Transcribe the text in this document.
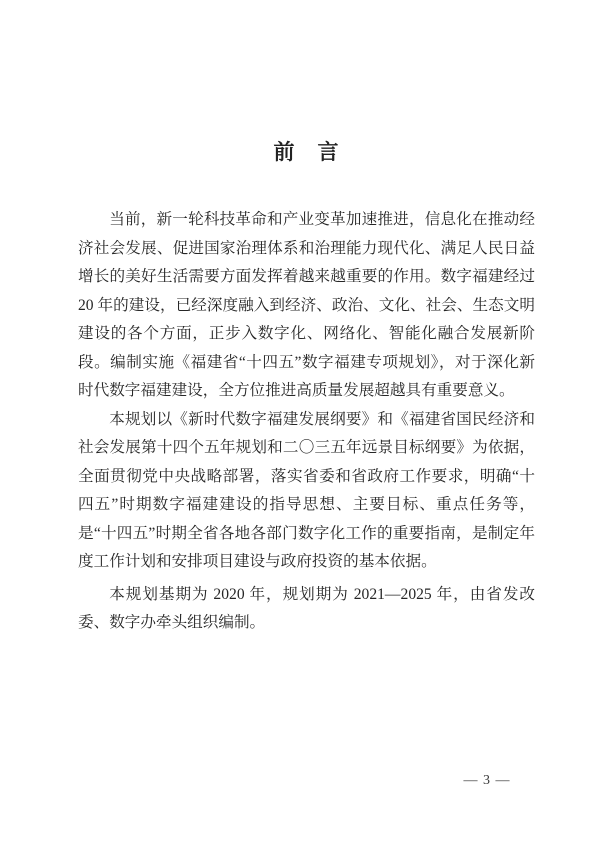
前　言

当前，新一轮科技革命和产业变革加速推进，信息化在推动经济社会发展、促进国家治理体系和治理能力现代化、满足人民日益增长的美好生活需要方面发挥着越来越重要的作用。数字福建经过 20 年的建设，已经深度融入到经济、政治、文化、社会、生态文明建设的各个方面，正步入数字化、网络化、智能化融合发展新阶段。编制实施《福建省“十四五”数字福建专项规划》，对于深化新时代数字福建建设，全方位推进高质量发展超越具有重要意义。

本规划以《新时代数字福建发展纲要》和《福建省国民经济和社会发展第十四个五年规划和二〇三五年远景目标纲要》为依据，全面贯彻党中央战略部署，落实省委和省政府工作要求，明确“十四五”时期数字福建建设的指导思想、主要目标、重点任务等，是“十四五”时期全省各地各部门数字化工作的重要指南，是制定年度工作计划和安排项目建设与政府投资的基本依据。

本规划基期为 2020 年，规划期为 2021—2025 年，由省发改委、数字办牵头组织编制。

— 3 —
